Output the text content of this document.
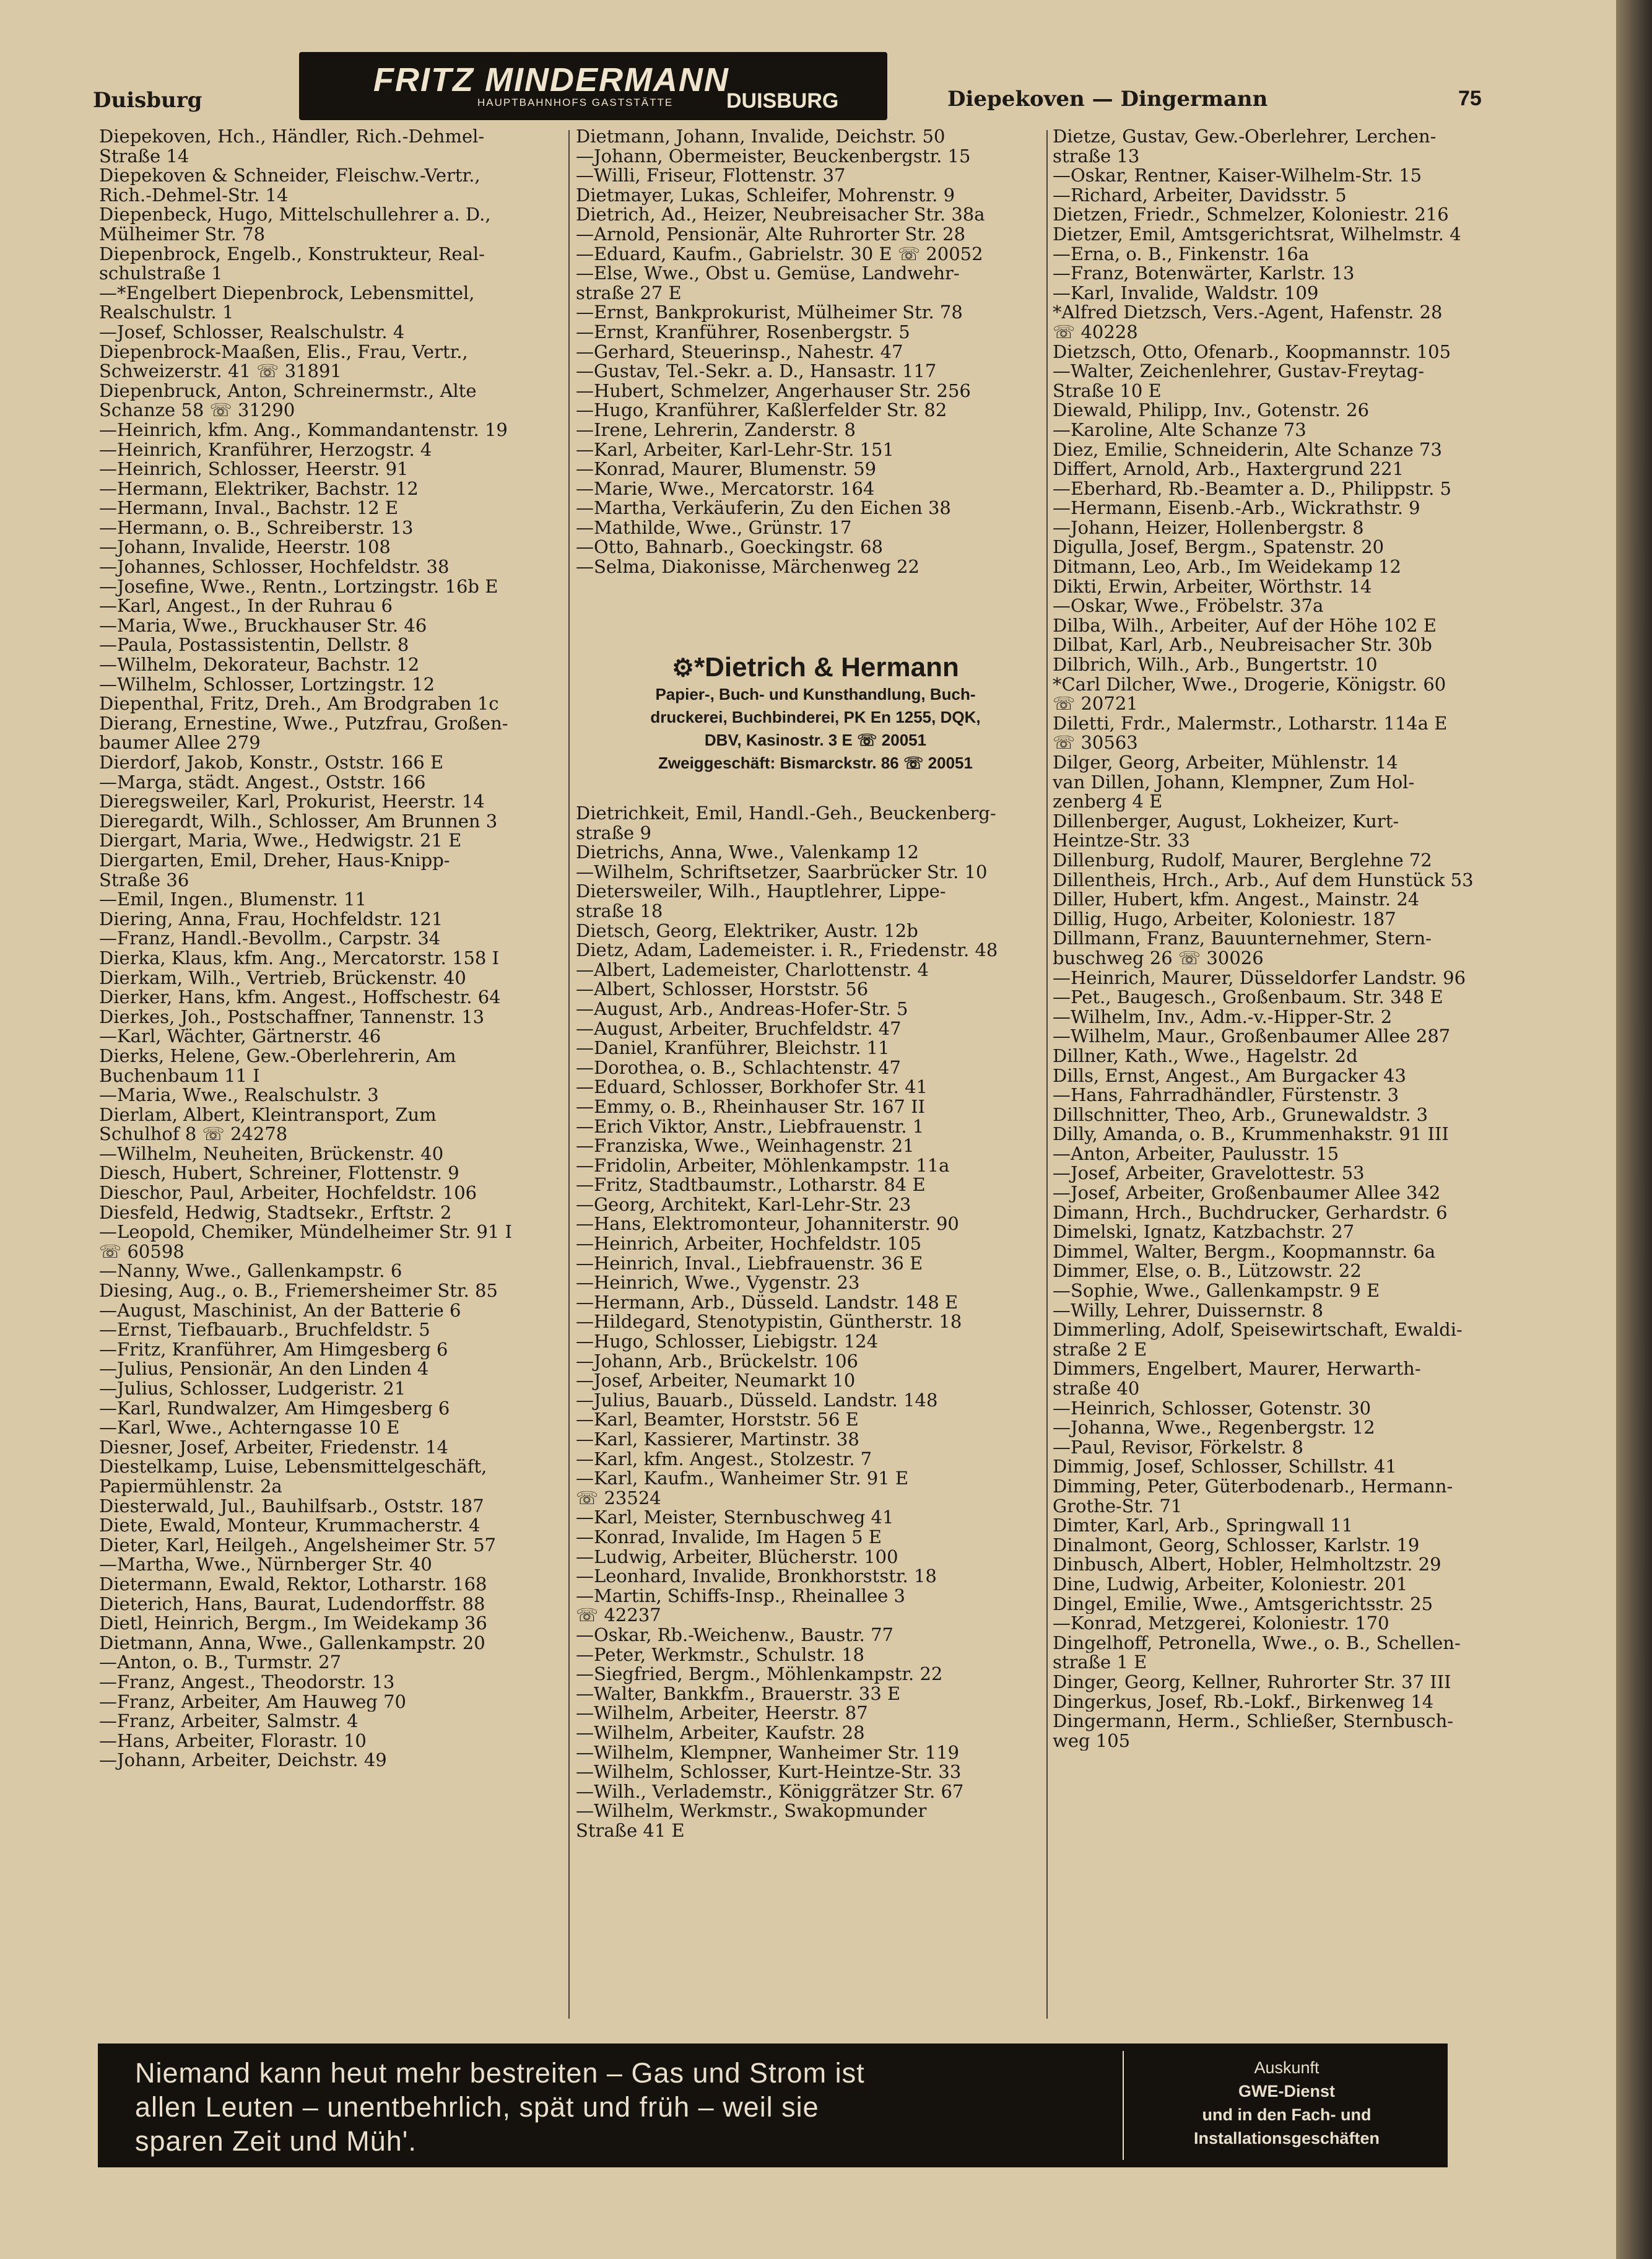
Duisburg
FRITZ MINDERMANN
HAUPTBAHNHOFS GASTSTÄTTE	DUISBURG	Diepekoven — Dingermann	75
Diepekoven, Hch., Händler, Rich.-Dehmel-
Straße 14
Diepekoven & Schneider, Fleischw.-Vertr.,
Rich.-Dehmel-Str. 14
Diepenbeck, Hugo, Mittelschullehrer a. D.,
Mülheimer Str. 78
Diepenbrock, Engelb., Konstrukteur, Real-
schulstraße 1
—*Engelbert Diepenbrock, Lebensmittel,
Realschulstr. 1
—Josef, Schlosser, Realschulstr. 4
Diepenbrock-Maaßen, Elis., Frau, Vertr.,
Schweizerstr. 41 ☏ 31891
Diepenbruck, Anton, Schreinermstr., Alte
Schanze 58 ☏ 31290
—Heinrich, kfm. Ang., Kommandantenstr. 19
—Heinrich, Kranführer, Herzogstr. 4
—Heinrich, Schlosser, Heerstr. 91
—Hermann, Elektriker, Bachstr. 12
—Hermann, Inval., Bachstr. 12 E
—Hermann, o. B., Schreiberstr. 13
—Johann, Invalide, Heerstr. 108
—Johannes, Schlosser, Hochfeldstr. 38
—Josefine, Wwe., Rentn., Lortzingstr. 16b E
—Karl, Angest., In der Ruhrau 6
—Maria, Wwe., Bruckhauser Str. 46
—Paula, Postassistentin, Dellstr. 8
—Wilhelm, Dekorateur, Bachstr. 12
—Wilhelm, Schlosser, Lortzingstr. 12
Diepenthal, Fritz, Dreh., Am Brodgraben 1c
Dierang, Ernestine, Wwe., Putzfrau, Großen-
baumer Allee 279
Dierdorf, Jakob, Konstr., Oststr. 166 E
—Marga, städt. Angest., Oststr. 166
Dieregsweiler, Karl, Prokurist, Heerstr. 14
Dieregardt, Wilh., Schlosser, Am Brunnen 3
Diergart, Maria, Wwe., Hedwigstr. 21 E
Diergarten, Emil, Dreher, Haus-Knipp-
Straße 36
—Emil, Ingen., Blumenstr. 11
Diering, Anna, Frau, Hochfeldstr. 121
—Franz, Handl.-Bevollm., Carpstr. 34
Dierka, Klaus, kfm. Ang., Mercatorstr. 158 I
Dierkam, Wilh., Vertrieb, Brückenstr. 40
Dierker, Hans, kfm. Angest., Hoffschestr. 64
Dierkes, Joh., Postschaffner, Tannenstr. 13
—Karl, Wächter, Gärtnerstr. 46
Dierks, Helene, Gew.-Oberlehrerin, Am
Buchenbaum 11 I
—Maria, Wwe., Realschulstr. 3
Dierlam, Albert, Kleintransport, Zum
Schulhof 8 ☏ 24278
—Wilhelm, Neuheiten, Brückenstr. 40
Diesch, Hubert, Schreiner, Flottenstr. 9
Dieschor, Paul, Arbeiter, Hochfeldstr. 106
Diesfeld, Hedwig, Stadtsekr., Erftstr. 2
—Leopold, Chemiker, Mündelheimer Str. 91 I
☏ 60598
—Nanny, Wwe., Gallenkampstr. 6
Diesing, Aug., o. B., Friemersheimer Str. 85
—August, Maschinist, An der Batterie 6
—Ernst, Tiefbauarb., Bruchfeldstr. 5
—Fritz, Kranführer, Am Himgesberg 6
—Julius, Pensionär, An den Linden 4
—Julius, Schlosser, Ludgeristr. 21
—Karl, Rundwalzer, Am Himgesberg 6
—Karl, Wwe., Achterngasse 10 E
Diesner, Josef, Arbeiter, Friedenstr. 14
Diestelkamp, Luise, Lebensmittelgeschäft,
Papiermühlenstr. 2a
Diesterwald, Jul., Bauhilfsarb., Oststr. 187
Diete, Ewald, Monteur, Krummacherstr. 4
Dieter, Karl, Heilgeh., Angelsheimer Str. 57
—Martha, Wwe., Nürnberger Str. 40
Dietermann, Ewald, Rektor, Lotharstr. 168
Dieterich, Hans, Baurat, Ludendorffstr. 88
Dietl, Heinrich, Bergm., Im Weidekamp 36
Dietmann, Anna, Wwe., Gallenkampstr. 20
—Anton, o. B., Turmstr. 27
—Franz, Angest., Theodorstr. 13
—Franz, Arbeiter, Am Hauweg 70
—Franz, Arbeiter, Salmstr. 4
—Hans, Arbeiter, Florastr. 10
—Johann, Arbeiter, Deichstr. 49
Dietmann, Johann, Invalide, Deichstr. 50
—Johann, Obermeister, Beuckenbergstr. 15
—Willi, Friseur, Flottenstr. 37
Dietmayer, Lukas, Schleifer, Mohrenstr. 9
Dietrich, Ad., Heizer, Neubreisacher Str. 38a
—Arnold, Pensionär, Alte Ruhrorter Str. 28
—Eduard, Kaufm., Gabrielstr. 30 E ☏ 20052
—Else, Wwe., Obst u. Gemüse, Landwehr-
straße 27 E
—Ernst, Bankprokurist, Mülheimer Str. 78
—Ernst, Kranführer, Rosenbergstr. 5
—Gerhard, Steuerinsp., Nahestr. 47
—Gustav, Tel.-Sekr. a. D., Hansastr. 117
—Hubert, Schmelzer, Angerhauser Str. 256
—Hugo, Kranführer, Kaßlerfelder Str. 82
—Irene, Lehrerin, Zanderstr. 8
—Karl, Arbeiter, Karl-Lehr-Str. 151
—Konrad, Maurer, Blumenstr. 59
—Marie, Wwe., Mercatorstr. 164
—Martha, Verkäuferin, Zu den Eichen 38
—Mathilde, Wwe., Grünstr. 17
—Otto, Bahnarb., Goeckingstr. 68
—Selma, Diakonisse, Märchenweg 22
⚙*Dietrich & Hermann
Papier-, Buch- und Kunsthandlung, Buch-
druckerei, Buchbinderei, PK En 1255, DQK,
DBV, Kasinostr. 3 E ☏ 20051
Zweiggeschäft: Bismarckstr. 86 ☏ 20051
Dietrichkeit, Emil, Handl.-Geh., Beuckenberg-
straße 9
Dietrichs, Anna, Wwe., Valenkamp 12
—Wilhelm, Schriftsetzer, Saarbrücker Str. 10
Dietersweiler, Wilh., Hauptlehrer, Lippe-
straße 18
Dietsch, Georg, Elektriker, Austr. 12b
Dietz, Adam, Lademeister. i. R., Friedenstr. 48
—Albert, Lademeister, Charlottenstr. 4
—Albert, Schlosser, Horststr. 56
—August, Arb., Andreas-Hofer-Str. 5
—August, Arbeiter, Bruchfeldstr. 47
—Daniel, Kranführer, Bleichstr. 11
—Dorothea, o. B., Schlachtenstr. 47
—Eduard, Schlosser, Borkhofer Str. 41
—Emmy, o. B., Rheinhauser Str. 167 II
—Erich Viktor, Anstr., Liebfrauenstr. 1
—Franziska, Wwe., Weinhagenstr. 21
—Fridolin, Arbeiter, Möhlenkampstr. 11a
—Fritz, Stadtbaumstr., Lotharstr. 84 E
—Georg, Architekt, Karl-Lehr-Str. 23
—Hans, Elektromonteur, Johanniterstr. 90
—Heinrich, Arbeiter, Hochfeldstr. 105
—Heinrich, Inval., Liebfrauenstr. 36 E
—Heinrich, Wwe., Vygenstr. 23
—Hermann, Arb., Düsseld. Landstr. 148 E
—Hildegard, Stenotypistin, Güntherstr. 18
—Hugo, Schlosser, Liebigstr. 124
—Johann, Arb., Brückelstr. 106
—Josef, Arbeiter, Neumarkt 10
—Julius, Bauarb., Düsseld. Landstr. 148
—Karl, Beamter, Horststr. 56 E
—Karl, Kassierer, Martinstr. 38
—Karl, kfm. Angest., Stolzestr. 7
—Karl, Kaufm., Wanheimer Str. 91 E
☏ 23524
—Karl, Meister, Sternbuschweg 41
—Konrad, Invalide, Im Hagen 5 E
—Ludwig, Arbeiter, Blücherstr. 100
—Leonhard, Invalide, Bronkhorststr. 18
—Martin, Schiffs-Insp., Rheinallee 3
☏ 42237
—Oskar, Rb.-Weichenw., Baustr. 77
—Peter, Werkmstr., Schulstr. 18
—Siegfried, Bergm., Möhlenkampstr. 22
—Walter, Bankkfm., Brauerstr. 33 E
—Wilhelm, Arbeiter, Heerstr. 87
—Wilhelm, Arbeiter, Kaufstr. 28
—Wilhelm, Klempner, Wanheimer Str. 119
—Wilhelm, Schlosser, Kurt-Heintze-Str. 33
—Wilh., Verlademstr., Königgrätzer Str. 67
—Wilhelm, Werkmstr., Swakopmunder
Straße 41 E
Dietze, Gustav, Gew.-Oberlehrer, Lerchen-
straße 13
—Oskar, Rentner, Kaiser-Wilhelm-Str. 15
—Richard, Arbeiter, Davidsstr. 5
Dietzen, Friedr., Schmelzer, Koloniestr. 216
Dietzer, Emil, Amtsgerichtsrat, Wilhelmstr. 4
—Erna, o. B., Finkenstr. 16a
—Franz, Botenwärter, Karlstr. 13
—Karl, Invalide, Waldstr. 109
*Alfred Dietzsch, Vers.-Agent, Hafenstr. 28
☏ 40228
Dietzsch, Otto, Ofenarb., Koopmannstr. 105
—Walter, Zeichenlehrer, Gustav-Freytag-
Straße 10 E
Diewald, Philipp, Inv., Gotenstr. 26
—Karoline, Alte Schanze 73
Diez, Emilie, Schneiderin, Alte Schanze 73
Differt, Arnold, Arb., Haxtergrund 221
—Eberhard, Rb.-Beamter a. D., Philippstr. 5
—Hermann, Eisenb.-Arb., Wickrathstr. 9
—Johann, Heizer, Hollenbergstr. 8
Digulla, Josef, Bergm., Spatenstr. 20
Ditmann, Leo, Arb., Im Weidekamp 12
Dikti, Erwin, Arbeiter, Wörthstr. 14
—Oskar, Wwe., Fröbelstr. 37a
Dilba, Wilh., Arbeiter, Auf der Höhe 102 E
Dilbat, Karl, Arb., Neubreisacher Str. 30b
Dilbrich, Wilh., Arb., Bungertstr. 10
*Carl Dilcher, Wwe., Drogerie, Königstr. 60
☏ 20721
Diletti, Frdr., Malermstr., Lotharstr. 114a E
☏ 30563
Dilger, Georg, Arbeiter, Mühlenstr. 14
van Dillen, Johann, Klempner, Zum Hol-
zenberg 4 E
Dillenberger, August, Lokheizer, Kurt-
Heintze-Str. 33
Dillenburg, Rudolf, Maurer, Berglehne 72
Dillentheis, Hrch., Arb., Auf dem Hunstück 53
Diller, Hubert, kfm. Angest., Mainstr. 24
Dillig, Hugo, Arbeiter, Koloniestr. 187
Dillmann, Franz, Bauunternehmer, Stern-
buschweg 26 ☏ 30026
—Heinrich, Maurer, Düsseldorfer Landstr. 96
—Pet., Baugesch., Großenbaum. Str. 348 E
—Wilhelm, Inv., Adm.-v.-Hipper-Str. 2
—Wilhelm, Maur., Großenbaumer Allee 287
Dillner, Kath., Wwe., Hagelstr. 2d
Dills, Ernst, Angest., Am Burgacker 43
—Hans, Fahrradhändler, Fürstenstr. 3
Dillschnitter, Theo, Arb., Grunewaldstr. 3
Dilly, Amanda, o. B., Krummenhakstr. 91 III
—Anton, Arbeiter, Paulusstr. 15
—Josef, Arbeiter, Gravelottestr. 53
—Josef, Arbeiter, Großenbaumer Allee 342
Dimann, Hrch., Buchdrucker, Gerhardstr. 6
Dimelski, Ignatz, Katzbachstr. 27
Dimmel, Walter, Bergm., Koopmannstr. 6a
Dimmer, Else, o. B., Lützowstr. 22
—Sophie, Wwe., Gallenkampstr. 9 E
—Willy, Lehrer, Duissernstr. 8
Dimmerling, Adolf, Speisewirtschaft, Ewaldi-
straße 2 E
Dimmers, Engelbert, Maurer, Herwarth-
straße 40
—Heinrich, Schlosser, Gotenstr. 30
—Johanna, Wwe., Regenbergstr. 12
—Paul, Revisor, Förkelstr. 8
Dimmig, Josef, Schlosser, Schillstr. 41
Dimming, Peter, Güterbodenarb., Hermann-
Grothe-Str. 71
Dimter, Karl, Arb., Springwall 11
Dinalmont, Georg, Schlosser, Karlstr. 19
Dinbusch, Albert, Hobler, Helmholtzstr. 29
Dine, Ludwig, Arbeiter, Koloniestr. 201
Dingel, Emilie, Wwe., Amtsgerichtsstr. 25
—Konrad, Metzgerei, Koloniestr. 170
Dingelhoff, Petronella, Wwe., o. B., Schellen-
straße 1 E
Dinger, Georg, Kellner, Ruhrorter Str. 37 III
Dingerkus, Josef, Rb.-Lokf., Birkenweg 14
Dingermann, Herm., Schließer, Sternbusch-
weg 105
Niemand kann heut mehr bestreiten – Gas und Strom ist
allen Leuten – unentbehrlich, spät und früh – weil sie
sparen Zeit und Müh'.
Auskunft
GWE-Dienst
und in den Fach- und
Installationsgeschäften
